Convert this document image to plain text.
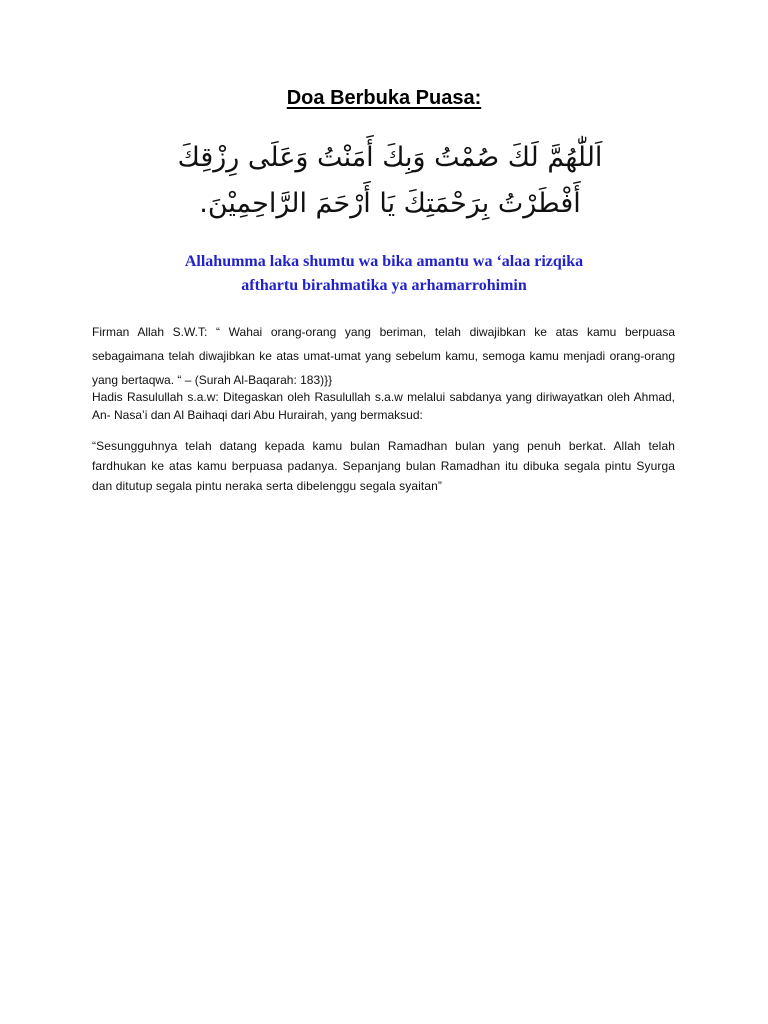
Doa Berbuka Puasa:

اَللّٰهُمَّ لَكَ صُمْتُ وَبِكَ أَمَنْتُ وَعَلَى رِزْقِكَ

أَفْطَرْتُ بِرَحْمَتِكَ يَا أَرْحَمَ الرَّاحِمِيْنَ.

Allahumma laka shumtu wa bika amantu wa ‘alaa rizqika
afthartu birahmatika ya arhamarrohimin

Firman Allah S.W.T: “ Wahai orang-orang yang beriman, telah diwajibkan ke atas kamu berpuasa sebagaimana telah diwajibkan ke atas umat-umat yang sebelum kamu, semoga kamu menjadi orang-orang yang bertaqwa. “ – (Surah Al-Baqarah: 183)}}

Hadis Rasulullah s.a.w: Ditegaskan oleh Rasulullah s.a.w melalui sabdanya yang diriwayatkan oleh Ahmad, An- Nasa’i dan Al Baihaqi dari Abu Hurairah, yang bermaksud:

“Sesungguhnya telah datang kepada kamu bulan Ramadhan bulan yang penuh berkat. Allah telah fardhukan ke atas kamu berpuasa padanya. Sepanjang bulan Ramadhan itu dibuka segala pintu Syurga dan ditutup segala pintu neraka serta dibelenggu segala syaitan”
